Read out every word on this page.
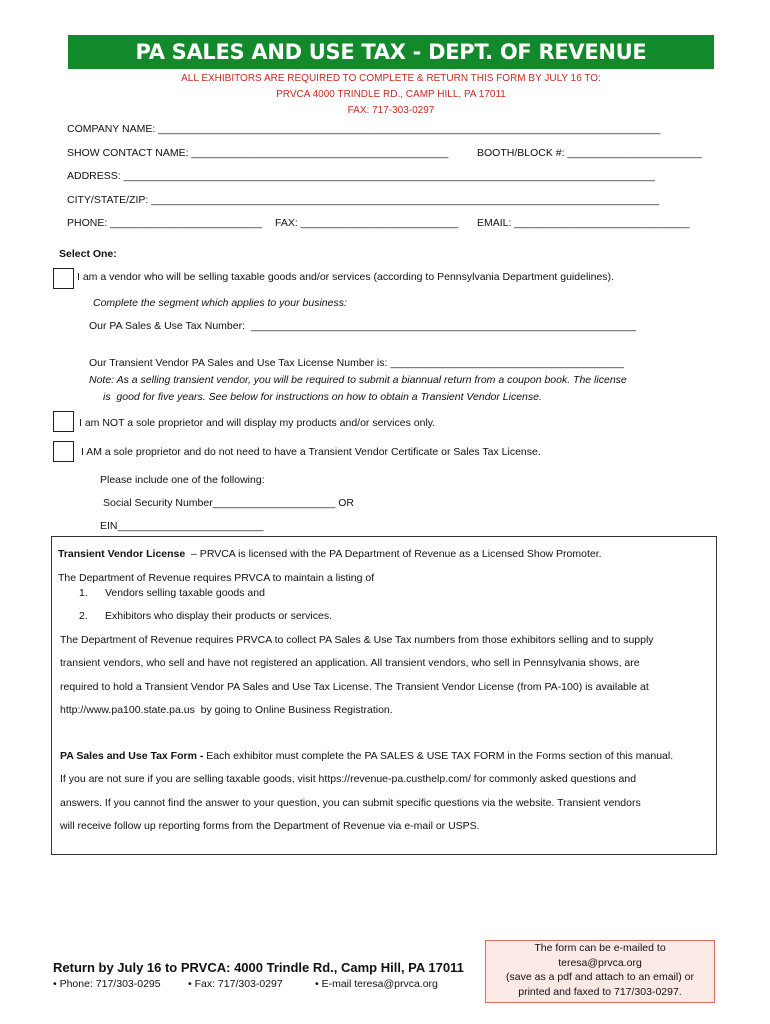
PA SALES AND USE TAX - DEPT. OF REVENUE
ALL EXHIBITORS ARE REQUIRED TO COMPLETE & RETURN THIS FORM BY JULY 16 TO:
PRVCA 4000 TRINDLE RD., CAMP HILL, PA 17011
FAX: 717-303-0297
COMPANY NAME: ______________________________________________________________________________________
SHOW CONTACT NAME: ____________________________________________	BOOTH/BLOCK #: _______________________
ADDRESS: ___________________________________________________________________________________________
CITY/STATE/ZIP: _______________________________________________________________________________________
PHONE: __________________________ FAX: ___________________________ EMAIL: ______________________________
Select One:
I am a vendor who will be selling taxable goods and/or services (according to Pennsylvania Department guidelines).
Complete the segment which applies to your business:
Our PA Sales & Use Tax Number:  __________________________________________________________________
Our Transient Vendor PA Sales and Use Tax License Number is: ________________________________________
Note: As a selling transient vendor, you will be required to submit a biannual return from a coupon book. The license
is  good for five years. See below for instructions on how to obtain a Transient Vendor License.
I am NOT a sole proprietor and will display my products and/or services only.
I AM a sole proprietor and do not need to have a Transient Vendor Certificate or Sales Tax License.
Please include one of the following:
Social Security Number_____________________ OR
EIN_________________________
Transient Vendor License  – PRVCA is licensed with the PA Department of Revenue as a Licensed Show Promoter.
The Department of Revenue requires PRVCA to maintain a listing of
1. Vendors selling taxable goods and
2. Exhibitors who display their products or services.
The Department of Revenue requires PRVCA to collect PA Sales & Use Tax numbers from those exhibitors selling and to supply
transient vendors, who sell and have not registered an application. All transient vendors, who sell in Pennsylvania shows, are
required to hold a Transient Vendor PA Sales and Use Tax License. The Transient Vendor License (from PA-100) is available at
http://www.pa100.state.pa.us  by going to Online Business Registration.
PA Sales and Use Tax Form - Each exhibitor must complete the PA SALES & USE TAX FORM in the Forms section of this manual.
If you are not sure if you are selling taxable goods, visit https://revenue-pa.custhelp.com/ for commonly asked questions and
answers. If you cannot find the answer to your question, you can submit specific questions via the website. Transient vendors
will receive follow up reporting forms from the Department of Revenue via e-mail or USPS.
Return by July 16 to PRVCA: 4000 Trindle Rd., Camp Hill, PA 17011
• Phone: 717/303-0295	• Fax: 717/303-0297	• E-mail teresa@prvca.org
The form can be e-mailed to
teresa@prvca.org
(save as a pdf and attach to an email) or
printed and faxed to 717/303-0297.
